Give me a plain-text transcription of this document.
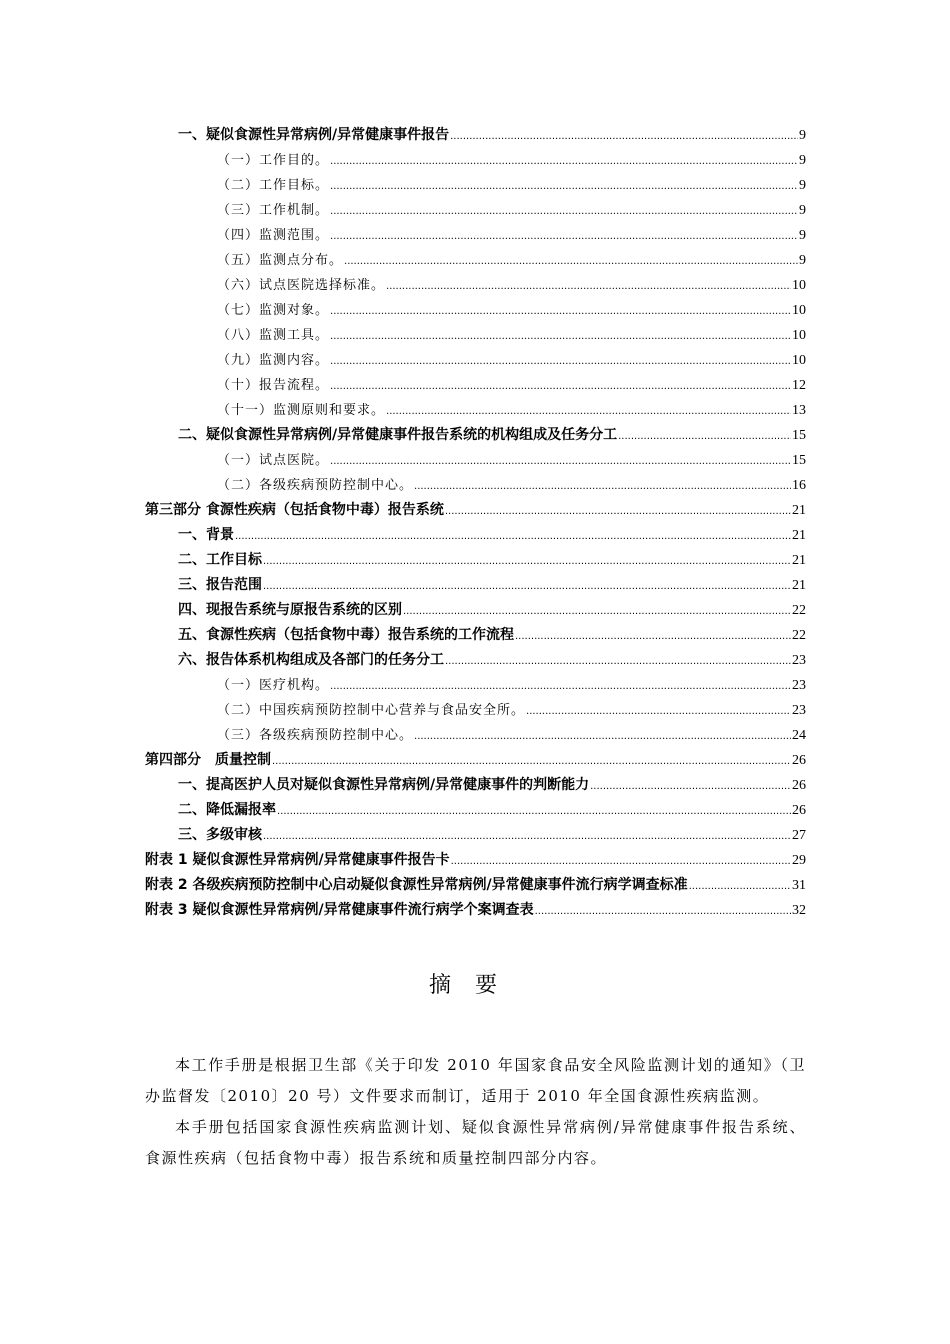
一、疑似食源性异常病例/异常健康事件报告 .....	9
（一）工作目的。 .....	9
（二）工作目标。 .....	9
（三）工作机制。 .....	9
（四）监测范围。 .....	9
（五）监测点分布。 .....	9
（六）试点医院选择标准。 .....	10
（七）监测对象。 .....	10
（八）监测工具。 .....	10
（九）监测内容。 .....	10
（十）报告流程。 .....	12
（十一）监测原则和要求。 .....	13
二、疑似食源性异常病例/异常健康事件报告系统的机构组成及任务分工 .....	15
（一）试点医院。 .....	15
（二）各级疾病预防控制中心。 .....	16
第三部分 食源性疾病（包括食物中毒）报告系统 .....	21
一、背景 .....	21
二、工作目标 .....	21
三、报告范围 .....	21
四、现报告系统与原报告系统的区别 .....	22
五、食源性疾病（包括食物中毒）报告系统的工作流程 .....	22
六、报告体系机构组成及各部门的任务分工 .....	23
（一）医疗机构。 .....	23
（二）中国疾病预防控制中心营养与食品安全所。 .....	23
（三）各级疾病预防控制中心。 .....	24
第四部分　质量控制 .....	26
一、提高医护人员对疑似食源性异常病例/异常健康事件的判断能力 .....	26
二、降低漏报率 .....	26
三、多级审核 .....	27
附表 1 疑似食源性异常病例/异常健康事件报告卡 .....	29
附表 2 各级疾病预防控制中心启动疑似食源性异常病例/异常健康事件流行病学调查标准 .....	31
附表 3 疑似食源性异常病例/异常健康事件流行病学个案调查表 .....	32
摘要

本工作手册是根据卫生部《关于印发 2010 年国家食品安全风险监测计划的通知》（卫办监督发〔2010〕20 号）文件要求而制订，适用于 2010 年全国食源性疾病监测。

本手册包括国家食源性疾病监测计划、疑似食源性异常病例/异常健康事件报告系统、食源性疾病（包括食物中毒）报告系统和质量控制四部分内容。
